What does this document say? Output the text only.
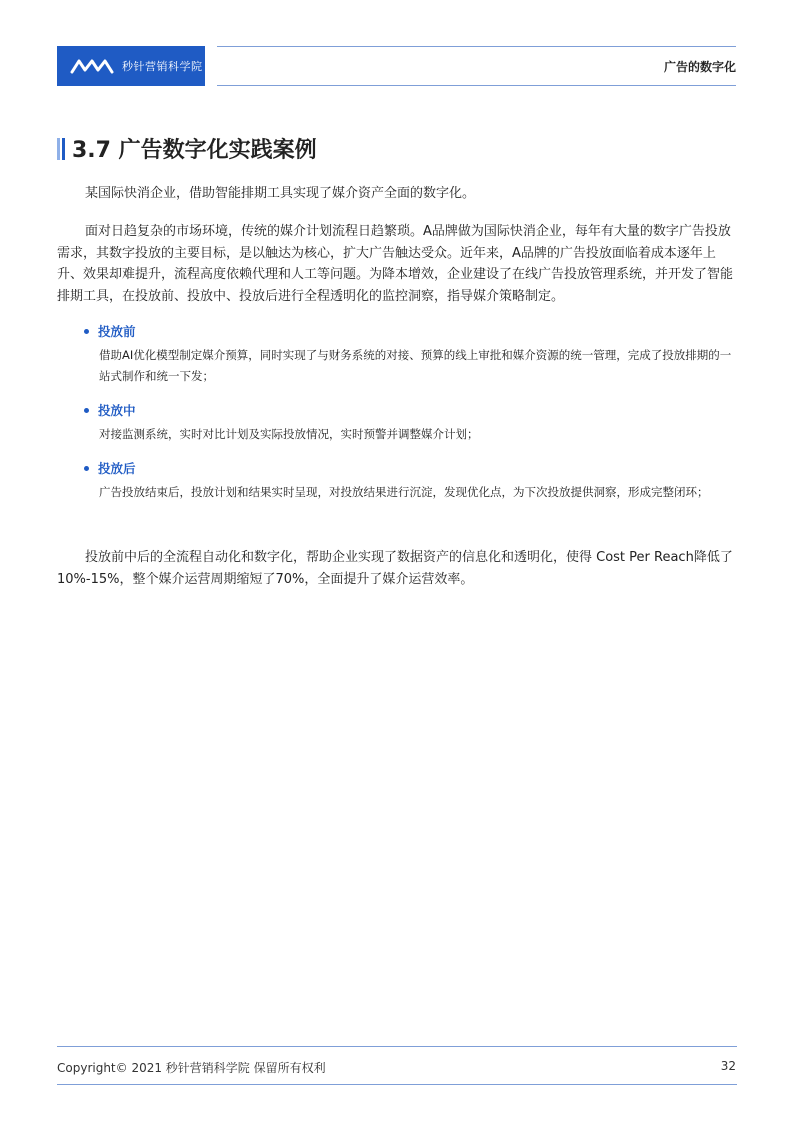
秒针营销科学院	广告的数字化
3.7 广告数字化实践案例

某国际快消企业，借助智能排期工具实现了媒介资产全面的数字化。

面对日趋复杂的市场环境，传统的媒介计划流程日趋繁琐。A品牌做为国际快消企业，每年有大量的数字广告投放需求，其数字投放的主要目标，是以触达为核心，扩大广告触达受众。近年来，A品牌的广告投放面临着成本逐年上升、效果却难提升，流程高度依赖代理和人工等问题。为降本增效，企业建设了在线广告投放管理系统，并开发了智能排期工具，在投放前、投放中、投放后进行全程透明化的监控洞察，指导媒介策略制定。

投放前
借助AI优化模型制定媒介预算，同时实现了与财务系统的对接、预算的线上审批和媒介资源的统一管理，完成了投放排期的一站式制作和统一下发；
投放中
对接监测系统，实时对比计划及实际投放情况，实时预警并调整媒介计划；
投放后
广告投放结束后，投放计划和结果实时呈现，对投放结果进行沉淀，发现优化点，为下次投放提供洞察，形成完整闭环；

投放前中后的全流程自动化和数字化，帮助企业实现了数据资产的信息化和透明化，使得 Cost Per Reach降低了10%-15%，整个媒介运营周期缩短了70%，全面提升了媒介运营效率。

Copyright© 2021 秒针营销科学院 保留所有权利	32
